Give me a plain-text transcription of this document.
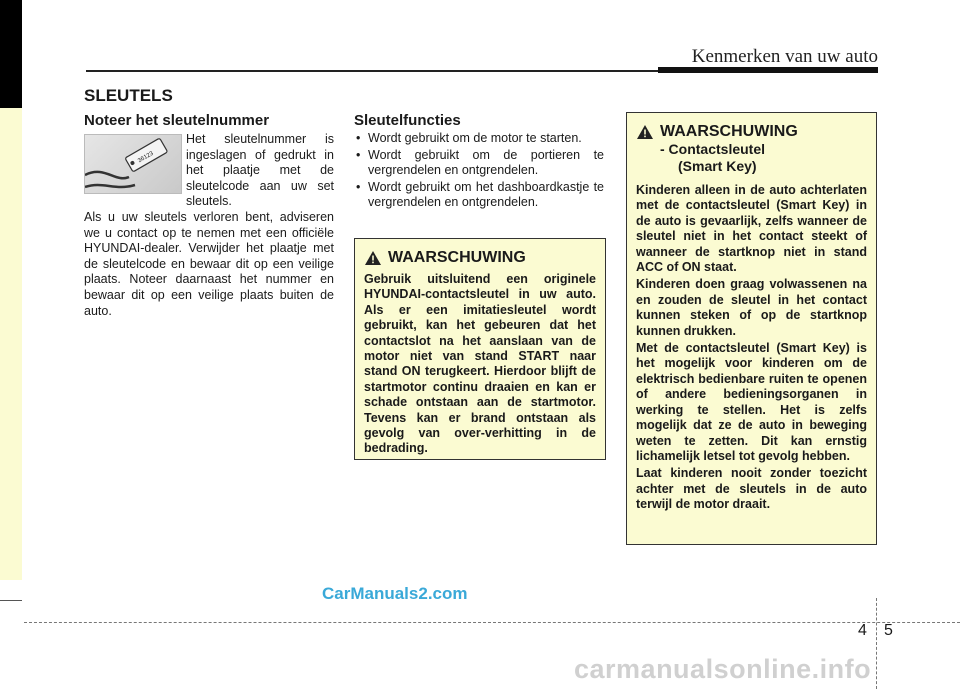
Kenmerken van uw auto
SLEUTELS
Noteer het sleutelnummer
36123
Het sleutelnummer is ingeslagen of gedrukt in het plaatje met de sleutelcode aan uw set sleutels.
Als u uw sleutels verloren bent, adviseren we u contact op te nemen met een officiële HYUNDAI-dealer. Verwijder het plaatje met de sleutelcode en bewaar dit op een veilige plaats. Noteer daarnaast het nummer en bewaar dit op een veilige plaats buiten de auto.
Sleutelfuncties
• Wordt gebruikt om de motor te starten.
• Wordt gebruikt om de portieren te vergrendelen en ontgrendelen.
• Wordt gebruikt om het dashboardkastje te vergrendelen en ontgrendelen.
WAARSCHUWING
Gebruik uitsluitend een originele HYUNDAI-contactsleutel in uw auto. Als er een imitatiesleutel wordt gebruikt, kan het gebeuren dat het contactslot na het aanslaan van de motor niet van stand START naar stand ON terugkeert. Hierdoor blijft de startmotor continu draaien en kan er schade ontstaan aan de startmotor. Tevens kan er brand ontstaan als gevolg van over-verhitting in de bedrading.
WAARSCHUWING
- Contactsleutel
(Smart Key)

Kinderen alleen in de auto achterlaten met de contactsleutel (Smart Key) in de auto is gevaarlijk, zelfs wanneer de sleutel niet in het contact steekt of wanneer de startknop niet in stand ACC of ON staat.

Kinderen doen graag volwassenen na en zouden de sleutel in het contact kunnen steken of op de startknop kunnen drukken.

Met de contactsleutel (Smart Key) is het mogelijk voor kinderen om de elektrisch bedienbare ruiten te openen of andere bedieningsorganen in werking te stellen. Het is zelfs mogelijk dat ze de auto in beweging weten te zetten. Dit kan ernstig lichamelijk letsel tot gevolg hebben.

Laat kinderen nooit zonder toezicht achter met de sleutels in de auto terwijl de motor draait.

CarManuals2.com
4 5
carmanualsonline.info
